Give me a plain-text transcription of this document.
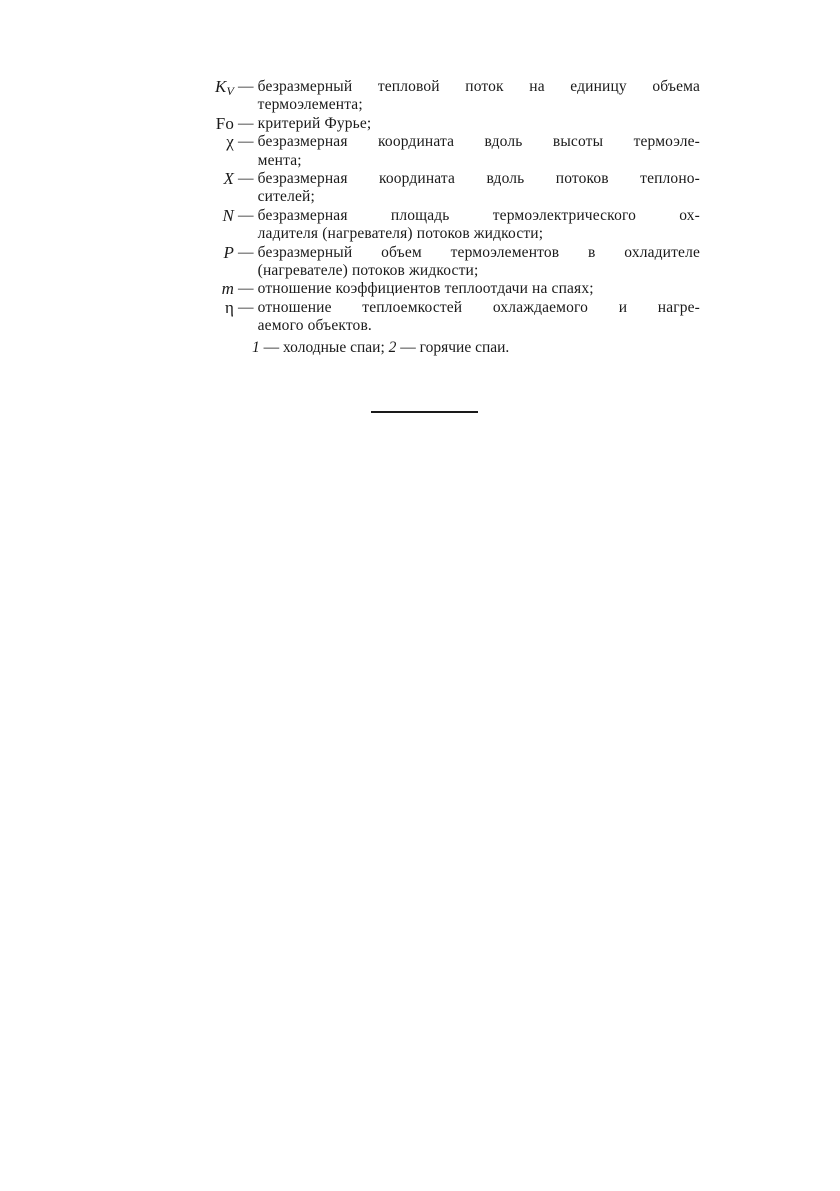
$K_V$ — безразмерный тепловой поток на единицу объема
термоэлемента;
Fo — критерий Фурье;
χ — безразмерная координата вдоль высоты термоэле-
мента;
X — безразмерная координата вдоль потоков теплоно-
сителей;
N — безразмерная площадь термоэлектрического ох-
ладителя (нагревателя) потоков жидкости;
P — безразмерный объем термоэлементов в охладителе
(нагревателе) потоков жидкости;
m — отношение коэффициентов теплоотдачи на спаях;
η — отношение теплоемкостей охлаждаемого и нагре-
аемого объектов.
1 — холодные спаи; 2 — горячие спаи.
